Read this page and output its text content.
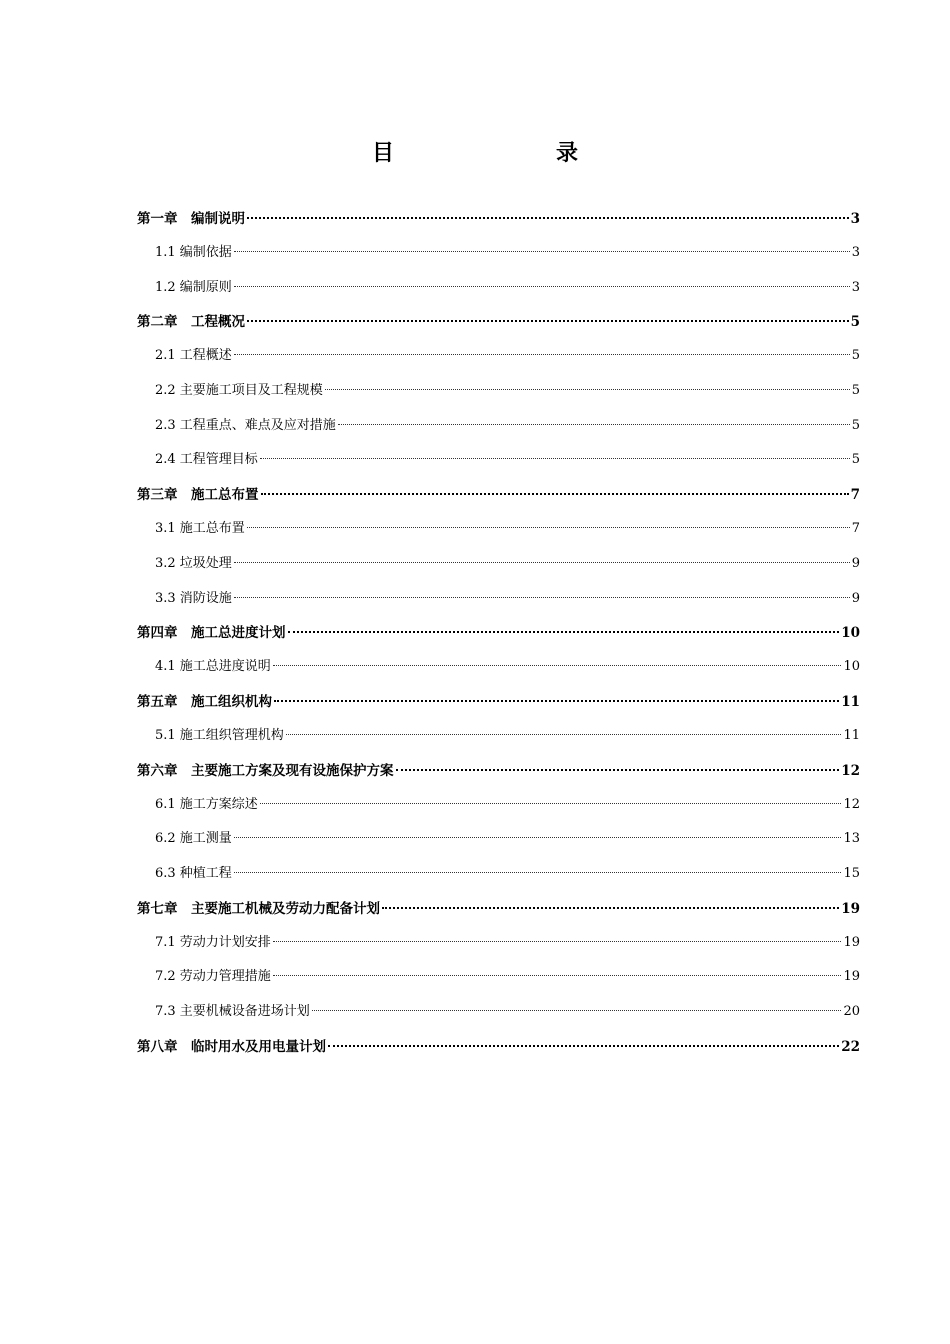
目　录
第一章　编制说明	3
1.1 编制依据	3
1.2 编制原则	3
第二章　工程概况	5
2.1 工程概述	5
2.2 主要施工项目及工程规模	5
2.3 工程重点、难点及应对措施	5
2.4 工程管理目标	5
第三章　施工总布置	7
3.1 施工总布置	7
3.2 垃圾处理	9
3.3 消防设施	9
第四章　施工总进度计划	10
4.1 施工总进度说明	10
第五章　施工组织机构	11
5.1 施工组织管理机构	11
第六章　主要施工方案及现有设施保护方案	12
6.1 施工方案综述	12
6.2 施工测量	13
6.3 种植工程	15
第七章　主要施工机械及劳动力配备计划	19
7.1 劳动力计划安排	19
7.2 劳动力管理措施	19
7.3 主要机械设备进场计划	20
第八章　临时用水及用电量计划	22
